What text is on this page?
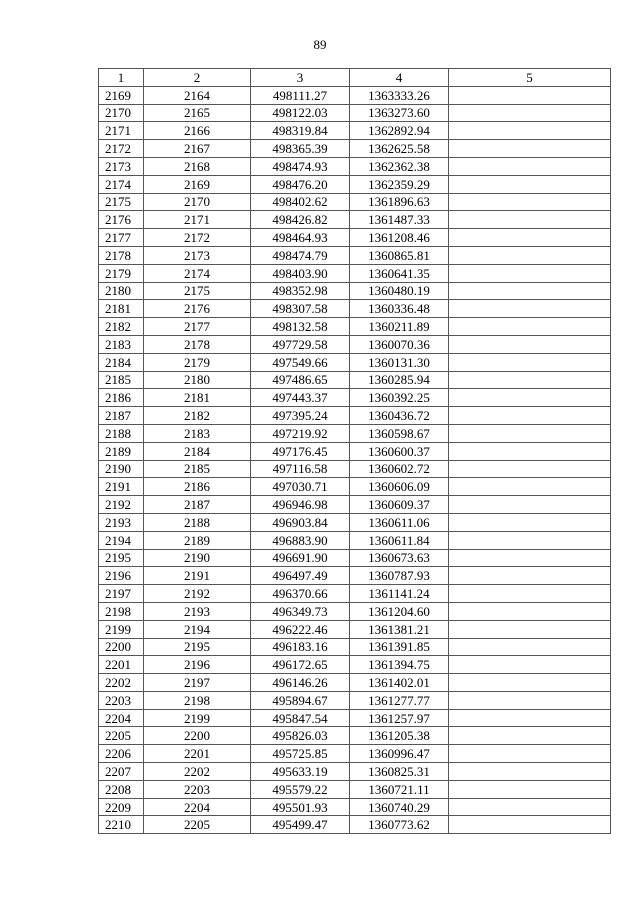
89
1	2	3	4	5
2169	2164	498111.27	1363333.26	
2170	2165	498122.03	1363273.60	
2171	2166	498319.84	1362892.94	
2172	2167	498365.39	1362625.58	
2173	2168	498474.93	1362362.38	
2174	2169	498476.20	1362359.29	
2175	2170	498402.62	1361896.63	
2176	2171	498426.82	1361487.33	
2177	2172	498464.93	1361208.46	
2178	2173	498474.79	1360865.81	
2179	2174	498403.90	1360641.35	
2180	2175	498352.98	1360480.19	
2181	2176	498307.58	1360336.48	
2182	2177	498132.58	1360211.89	
2183	2178	497729.58	1360070.36	
2184	2179	497549.66	1360131.30	
2185	2180	497486.65	1360285.94	
2186	2181	497443.37	1360392.25	
2187	2182	497395.24	1360436.72	
2188	2183	497219.92	1360598.67	
2189	2184	497176.45	1360600.37	
2190	2185	497116.58	1360602.72	
2191	2186	497030.71	1360606.09	
2192	2187	496946.98	1360609.37	
2193	2188	496903.84	1360611.06	
2194	2189	496883.90	1360611.84	
2195	2190	496691.90	1360673.63	
2196	2191	496497.49	1360787.93	
2197	2192	496370.66	1361141.24	
2198	2193	496349.73	1361204.60	
2199	2194	496222.46	1361381.21	
2200	2195	496183.16	1361391.85	
2201	2196	496172.65	1361394.75	
2202	2197	496146.26	1361402.01	
2203	2198	495894.67	1361277.77	
2204	2199	495847.54	1361257.97	
2205	2200	495826.03	1361205.38	
2206	2201	495725.85	1360996.47	
2207	2202	495633.19	1360825.31	
2208	2203	495579.22	1360721.11	
2209	2204	495501.93	1360740.29	
2210	2205	495499.47	1360773.62	
